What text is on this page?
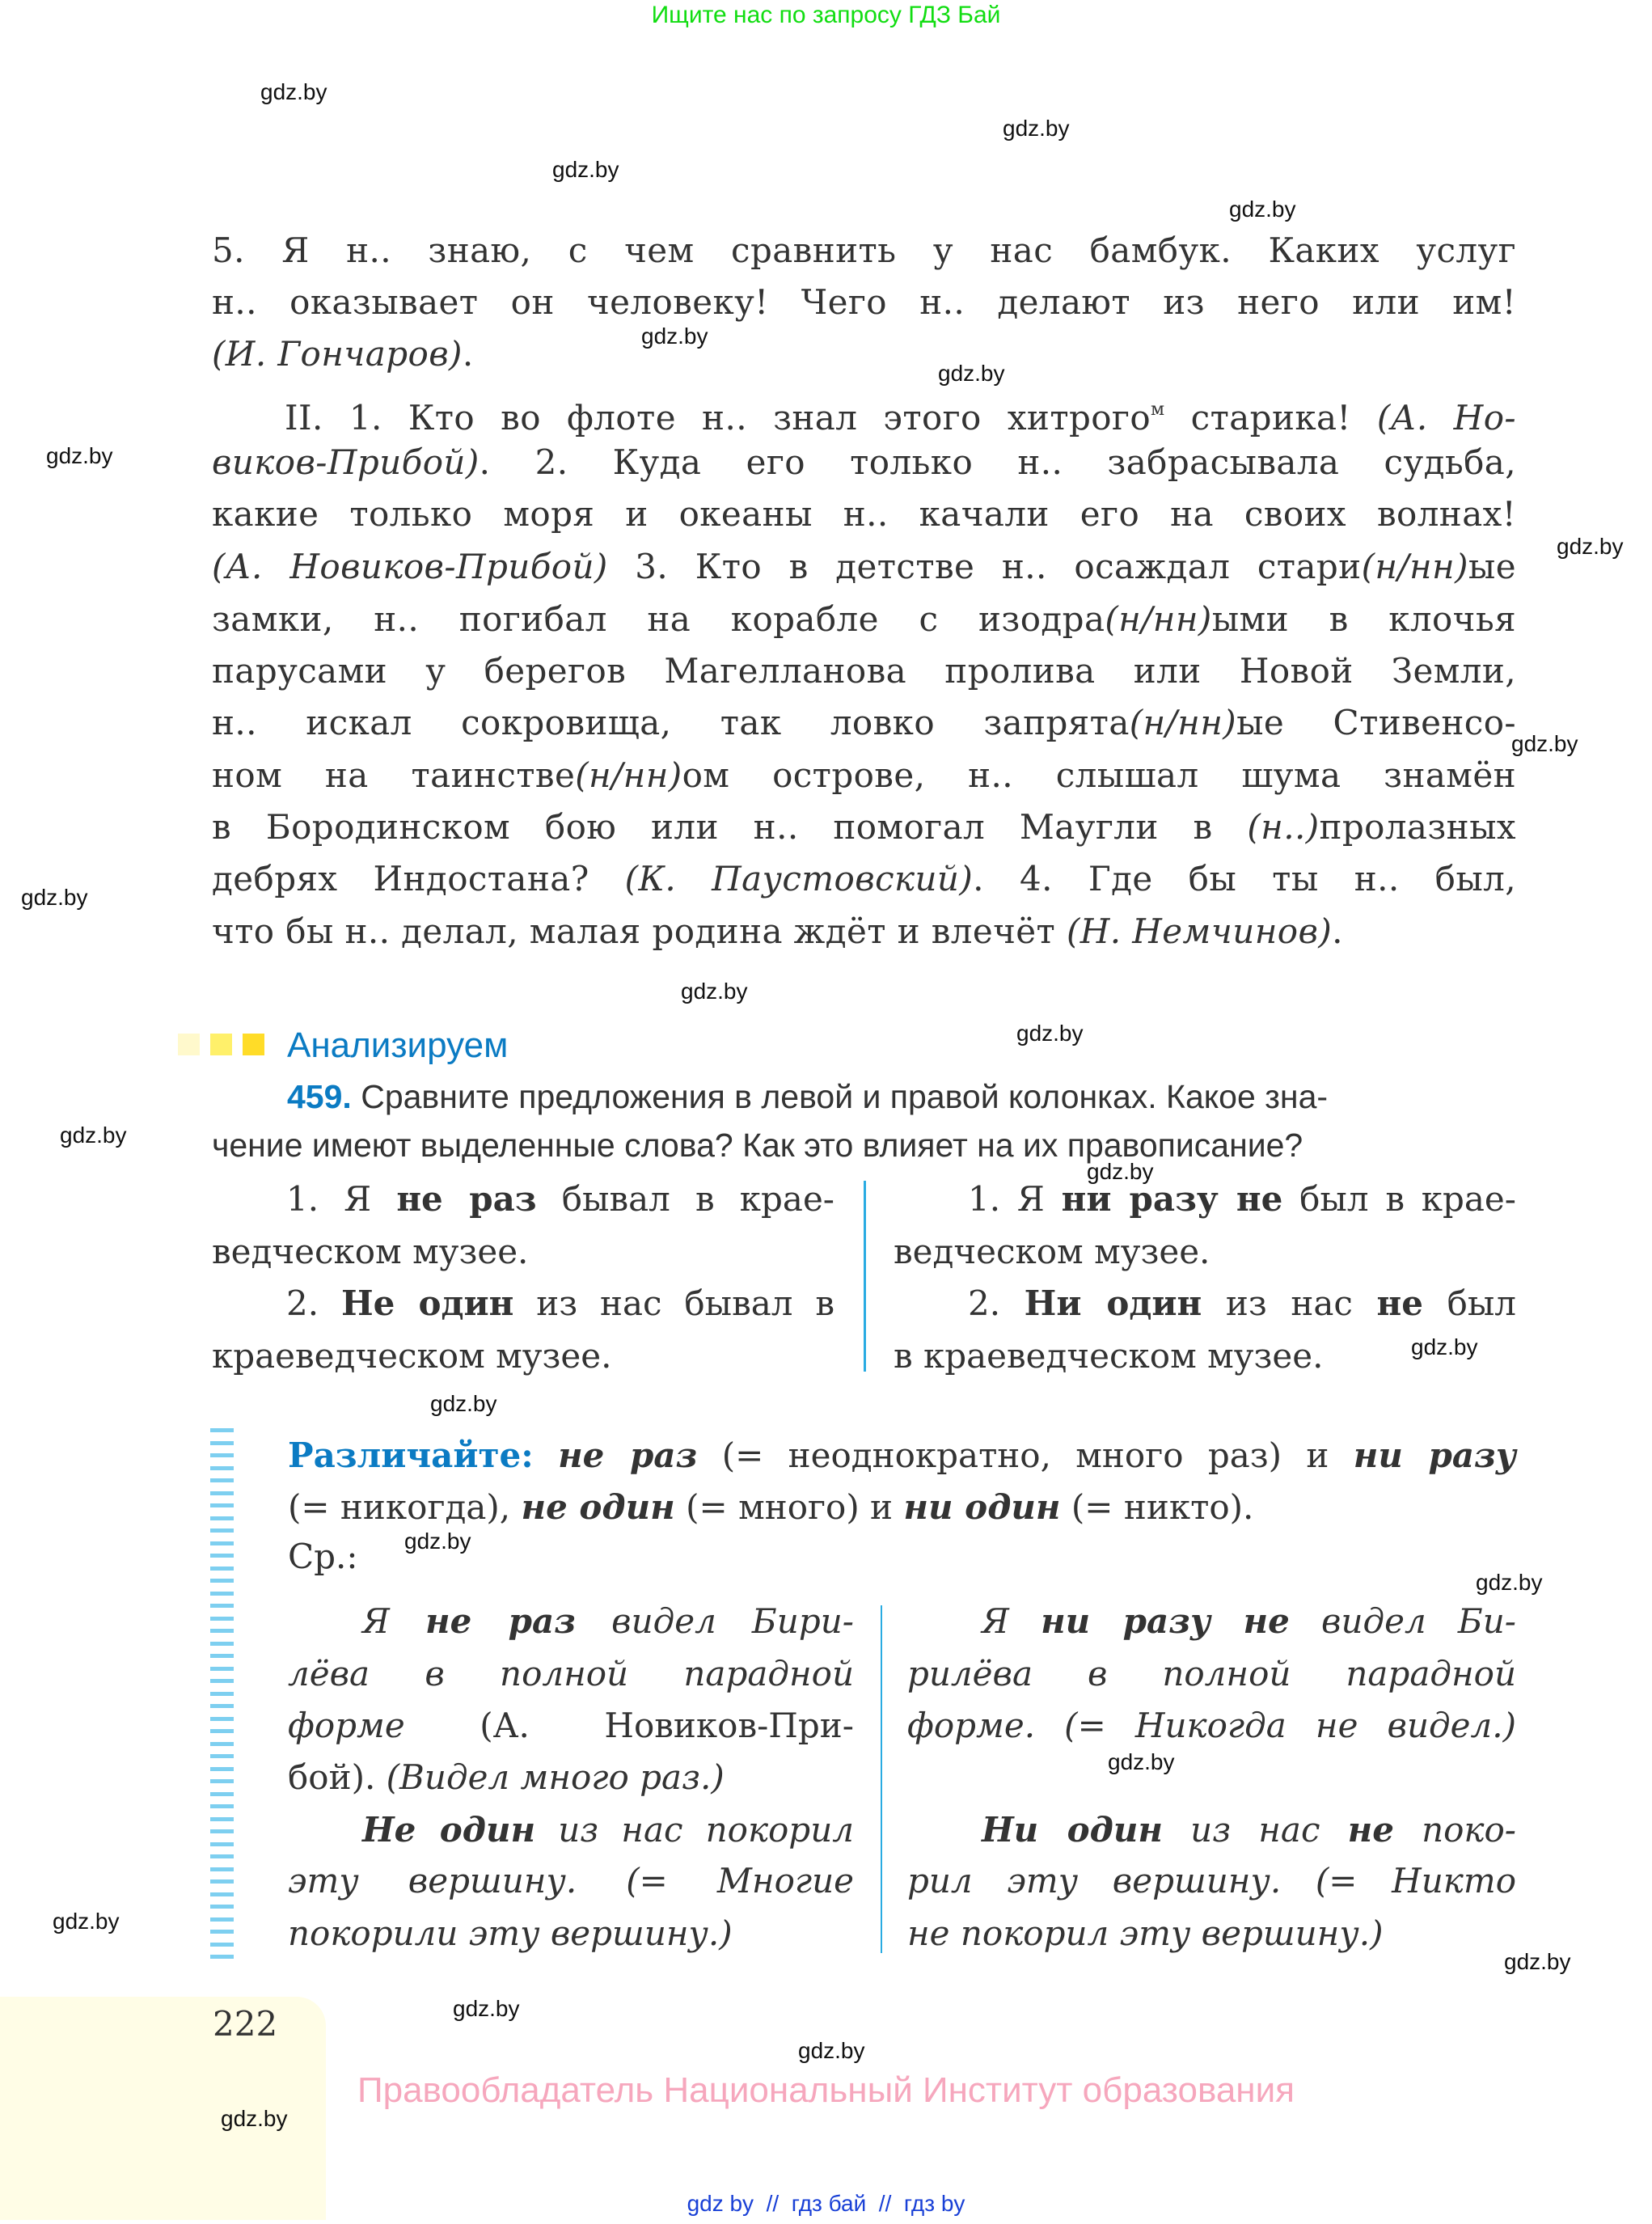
Ищите нас по запросу ГДЗ Бай
5. Я н.. знаю, с чем сравнить у нас бамбук. Каких услуг
н.. оказывает он человеку! Чего н.. делают из него или им!
(И. Гончаров).
II. 1. Кто во флоте н.. знал этого хитрого$^м$ старика! (А. Но-
виков-Прибой). 2. Куда его только н.. забрасывала судьба,
какие только моря и океаны н.. качали его на своих волнах!
(А. Новиков-Прибой) 3. Кто в детстве н.. осаждал стари(н/нн)ые
замки, н.. погибал на корабле с изодра(н/нн)ыми в клочья
парусами у берегов Магелланова пролива или Новой Земли,
н.. искал сокровища, так ловко запрята(н/нн)ые Стивенсо-
ном на таинстве(н/нн)ом острове, н.. слышал шума знамён
в Бородинском бою или н.. помогал Маугли в (н..)пролазных
дебрях Индостана? (К. Паустовский). 4. Где бы ты н.. был,
что бы н.. делал, малая родина ждёт и влечёт (Н. Немчинов).
Анализируем
459. Сравните предложения в левой и правой колонках. Какое зна-
чение имеют выделенные слова? Как это влияет на их правописание?
1. Я не раз бывал в крае-
ведческом музее.
2. Не один из нас бывал в
краеведческом музее.
1. Я ни разу не был в крае-
ведческом музее.
2. Ни один из нас не был
в краеведческом музее.
Различайте: не раз (= неоднократно, много раз) и ни разу
(= никогда), не один (= много) и ни один (= никто).
Ср.:
Я не раз видел Бири-
лёва в полной парадной
форме (А. Новиков-При-
бой). (Видел много раз.)
Не один из нас покорил
эту вершину. (= Многие
покорили эту вершину.)
Я ни разу не видел Би-
рилёва в полной парадной
форме. (= Никогда не видел.)
Ни один из нас не поко-
рил эту вершину. (= Никто
не покорил эту вершину.)
222
Правообладатель Национальный Институт образования
gdz by  //  гдз бай  //  гдз by
gdz.by
gdz.by
gdz.by
gdz.by
gdz.by
gdz.by
gdz.by
gdz.by
gdz.by
gdz.by
gdz.by
gdz.by
gdz.by
gdz.by
gdz.by
gdz.by
gdz.by
gdz.by
gdz.by
gdz.by
gdz.by
gdz.by
gdz.by
gdz.by
